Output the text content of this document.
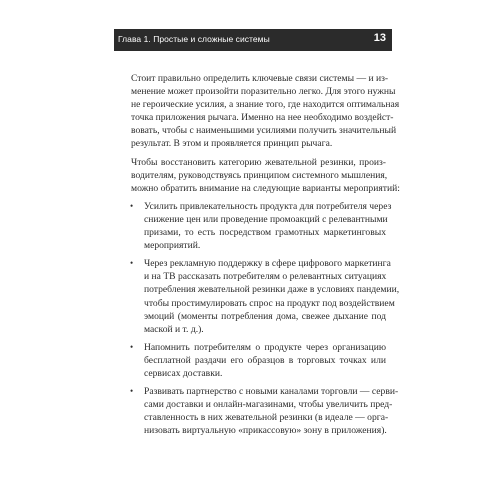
Глава 1. Простые и сложные системы	13
Стоит правильно определить ключевые связи системы — и из-
менение может произойти поразительно легко. Для этого нужны
не героические усилия, а знание того, где находится оптимальная
точка приложения рычага. Именно на нее необходимо воздейст-
вовать, чтобы с наименьшими усилиями получить значительный
результат. В этом и проявляется принцип рычага.
Чтобы восстановить категорию жевательной резинки, произ-
водителям, руководствуясь принципом системного мышления,
можно обратить внимание на следующие варианты мероприятий:
• Усилить привлекательность продукта для потребителя через
снижение цен или проведение промоакций с релевантными
призами, то есть посредством грамотных маркетинговых
мероприятий.
• Через рекламную поддержку в сфере цифрового маркетинга
и на ТВ рассказать потребителям о релевантных ситуациях
потребления жевательной резинки даже в условиях пандемии,
чтобы простимулировать спрос на продукт под воздействием
эмоций (моменты потребления дома, свежее дыхание под
маской и т. д.).
• Напомнить потребителям о продукте через организацию
бесплатной раздачи его образцов в торговых точках или
сервисах доставки.
• Развивать партнерство с новыми каналами торговли — серви-
сами доставки и онлайн-магазинами, чтобы увеличить пред-
ставленность в них жевательной резинки (в идеале — орга-
низовать виртуальную «прикассовую» зону в приложения).
